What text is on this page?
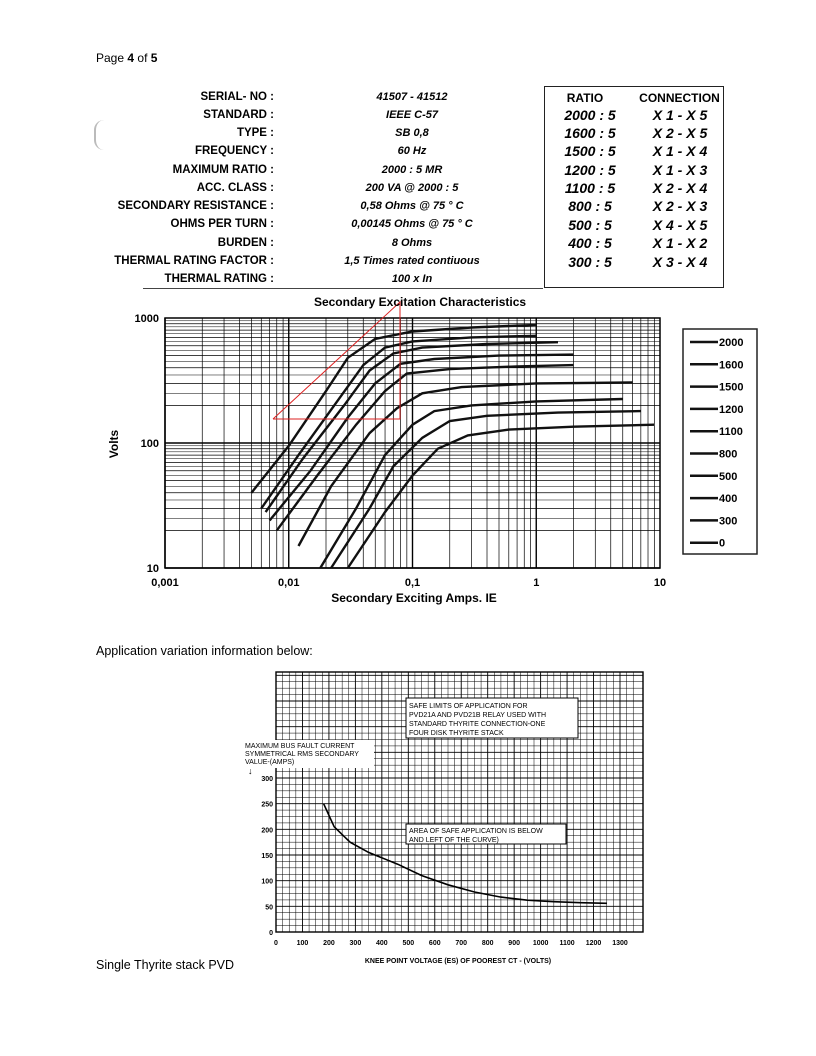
Page 4 of 5
SERIAL- NO :	41507 - 41512
STANDARD :	IEEE C-57
TYPE :	SB 0,8
FREQUENCY :	60 Hz
MAXIMUM RATIO :	2000 : 5 MR
ACC. CLASS :	200 VA @ 2000 : 5
SECONDARY RESISTANCE :	0,58 Ohms @ 75 ° C
OHMS PER TURN :	0,00145 Ohms @ 75 ° C
BURDEN :	8 Ohms
THERMAL RATING FACTOR :	1,5 Times rated contiuous
THERMAL RATING :	100 x In
RATIO	CONNECTION
2000 : 5	X 1 - X 5
1600 : 5	X 2 - X 5
1500 : 5	X 1 - X 4
1200 : 5	X 1 - X 3
1100 : 5	X 2 - X 4
800 : 5	X 2 - X 3
500 : 5	X 4 - X 5
400 : 5	X 1 - X 2
300 : 5	X 3 - X 4
0,001	0,01	0,1	1	10
10
100
1000
Secondary Excitation Characteristics
Secondary Exciting Amps. IE
Volts
2000
1600
1500
1200
1100
800
500
400
300
0
Application variation information below:
0	100 200 300 400 500 600 700 800 900 1000 1100 1200 1300
0
50
100
150
200
250
300
SAFE LIMITS OF APPLICATION FOR
PVD21A AND PVD21B RELAY USED WITH
STANDARD THYRITE CONNECTION-ONE
FOUR DISK THYRITE STACK
AREA OF SAFE APPLICATION IS BELOW
AND LEFT OF THE CURVE)
MAXIMUM BUS FAULT CURRENT
SYMMETRICAL RMS SECONDARY
VALUE-(AMPS)
↓
KNEE POINT VOLTAGE (ES) OF POOREST CT - (VOLTS)
Single Thyrite stack PVD
